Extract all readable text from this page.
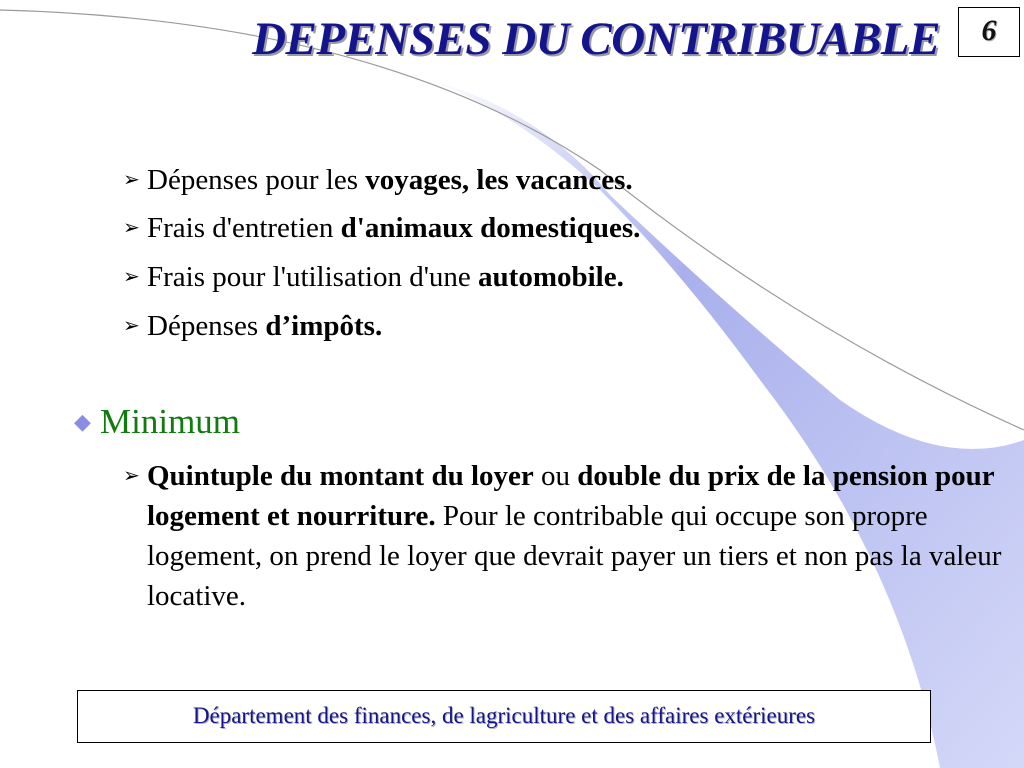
DEPENSES DU CONTRIBUABLE	6
➢ Dépenses pour les voyages, les vacances.
➢ Frais d'entretien d'animaux domestiques.
➢ Frais pour l'utilisation d'une automobile.
➢ Dépenses d’impôts.
◆ Minimum
➢ Quintuple du montant du loyer ou double du prix de la pension pour logement et nourriture. Pour le contribable qui occupe son propre logement, on prend le loyer que devrait payer un tiers et non pas la valeur locative.
Département des finances, de lagriculture et des affaires extérieures
